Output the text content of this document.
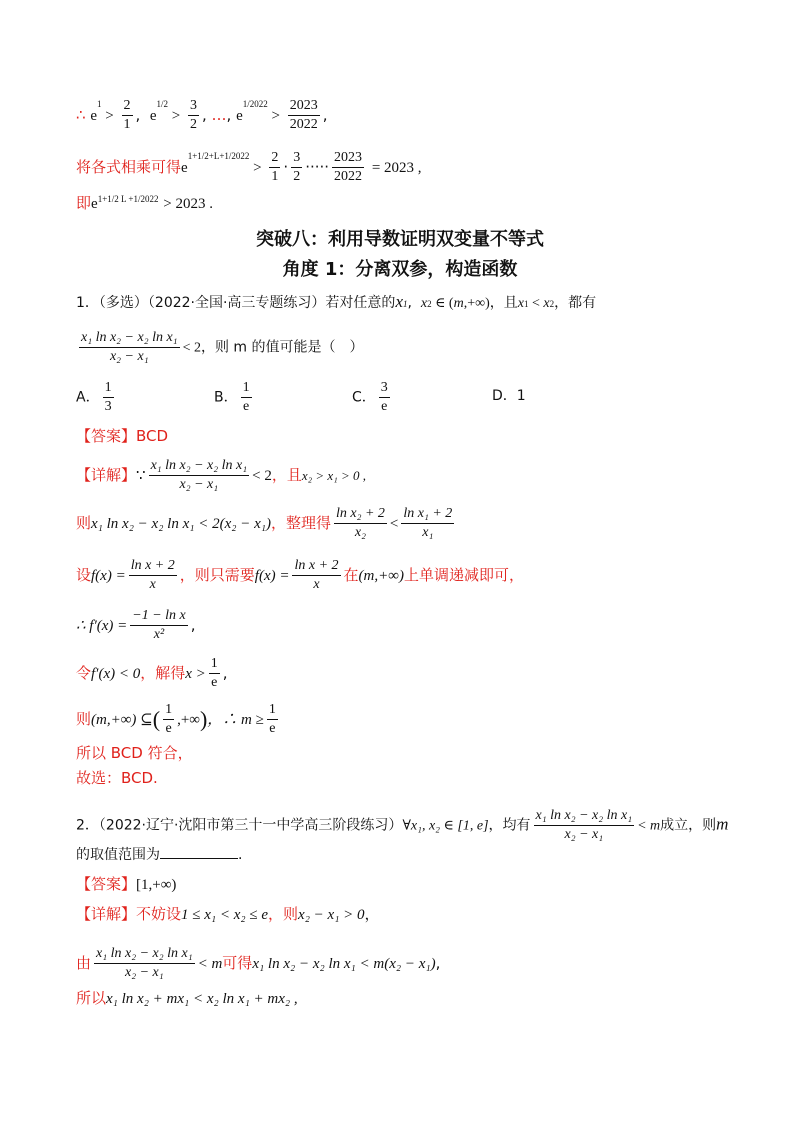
∴ $e^1 > \frac{2}{1}$ ,  $e^{1/2} > \frac{3}{2}$ , …, $e^{1/2022} > \frac{2023}{2022}$ ,
将各式相乘可得$e^{1+1/2+L+1/2022} > \frac{2}{1} \cdot \frac{3}{2}$ ····· $\frac{2023}{2022} = 2023$ ,
即$e^{1+1/2 L +1/2022} > 2023$ .
突破八：利用导数证明双变量不等式
角度 1：分离双参，构造函数
1．（多选）（2022·全国·高三专题练习）若对任意的x1,  x2 ∈ (m,+∞)，且x1 < x2，都有
$\frac{\text{x₁ ln x₂ − x₂ ln x₁}}{\text{x₂ − x₁}} < 2$，则 m 的值可能是（　）
A． $\frac{1}{3}$	B． $\frac{1}{e}$	C． $\frac{3}{e}$	D．1
【答案】BCD
【详解】∵ $\frac{\text{x₁ ln x₂ − x₂ ln x₁}}{\text{x₂ − x₁}} < 2$，且x₂ > x₁ > 0 ,
则x₁ ln x₂ − x₂ ln x₁ < 2(x₂ − x₁)，整理得 $\frac{\text{ln x₂ + 2}}{\text{x₂}} < \frac{\text{ln x₁ + 2}}{\text{x₁}}$
设$f(x) = \frac{\text{ln x + 2}}{x}$ ，则只需要$f(x) = \frac{\text{ln x + 2}}{x}$ 在(m,+∞)上单调递减即可，
∴ $f'(x) = \frac{\text{−1 − ln x}}{\text{x²}}$ ,
令f′(x) < 0，解得$x > \frac{1}{e}$ ,
则(m,+∞) ⊆( $\frac{1}{e}$ ,+∞)，∴ $m \ge \frac{1}{e}$
所以 BCD 符合，
故选：BCD.
2．（2022·辽宁·沈阳市第三十一中学高三阶段练习）∀x₁, x₂ ∈ [1, e]，均有 $\frac{\text{x₁ ln x₂ − x₂ ln x₁}}{\text{x₂ − x₁}} < m$成立，则m
的取值范围为	.
【答案】[1,+∞)
【详解】不妨设1 ≤ x₁ < x₂ ≤ e，则x₂ − x₁ > 0，
由 $\frac{\text{x₁ ln x₂ − x₂ ln x₁}}{\text{x₂ − x₁}} < m$可得x₁ ln x₂ − x₂ ln x₁ < m(x₂ − x₁),
所以x₁ ln x₂ + mx₁ < x₂ ln x₁ + mx₂ ,
